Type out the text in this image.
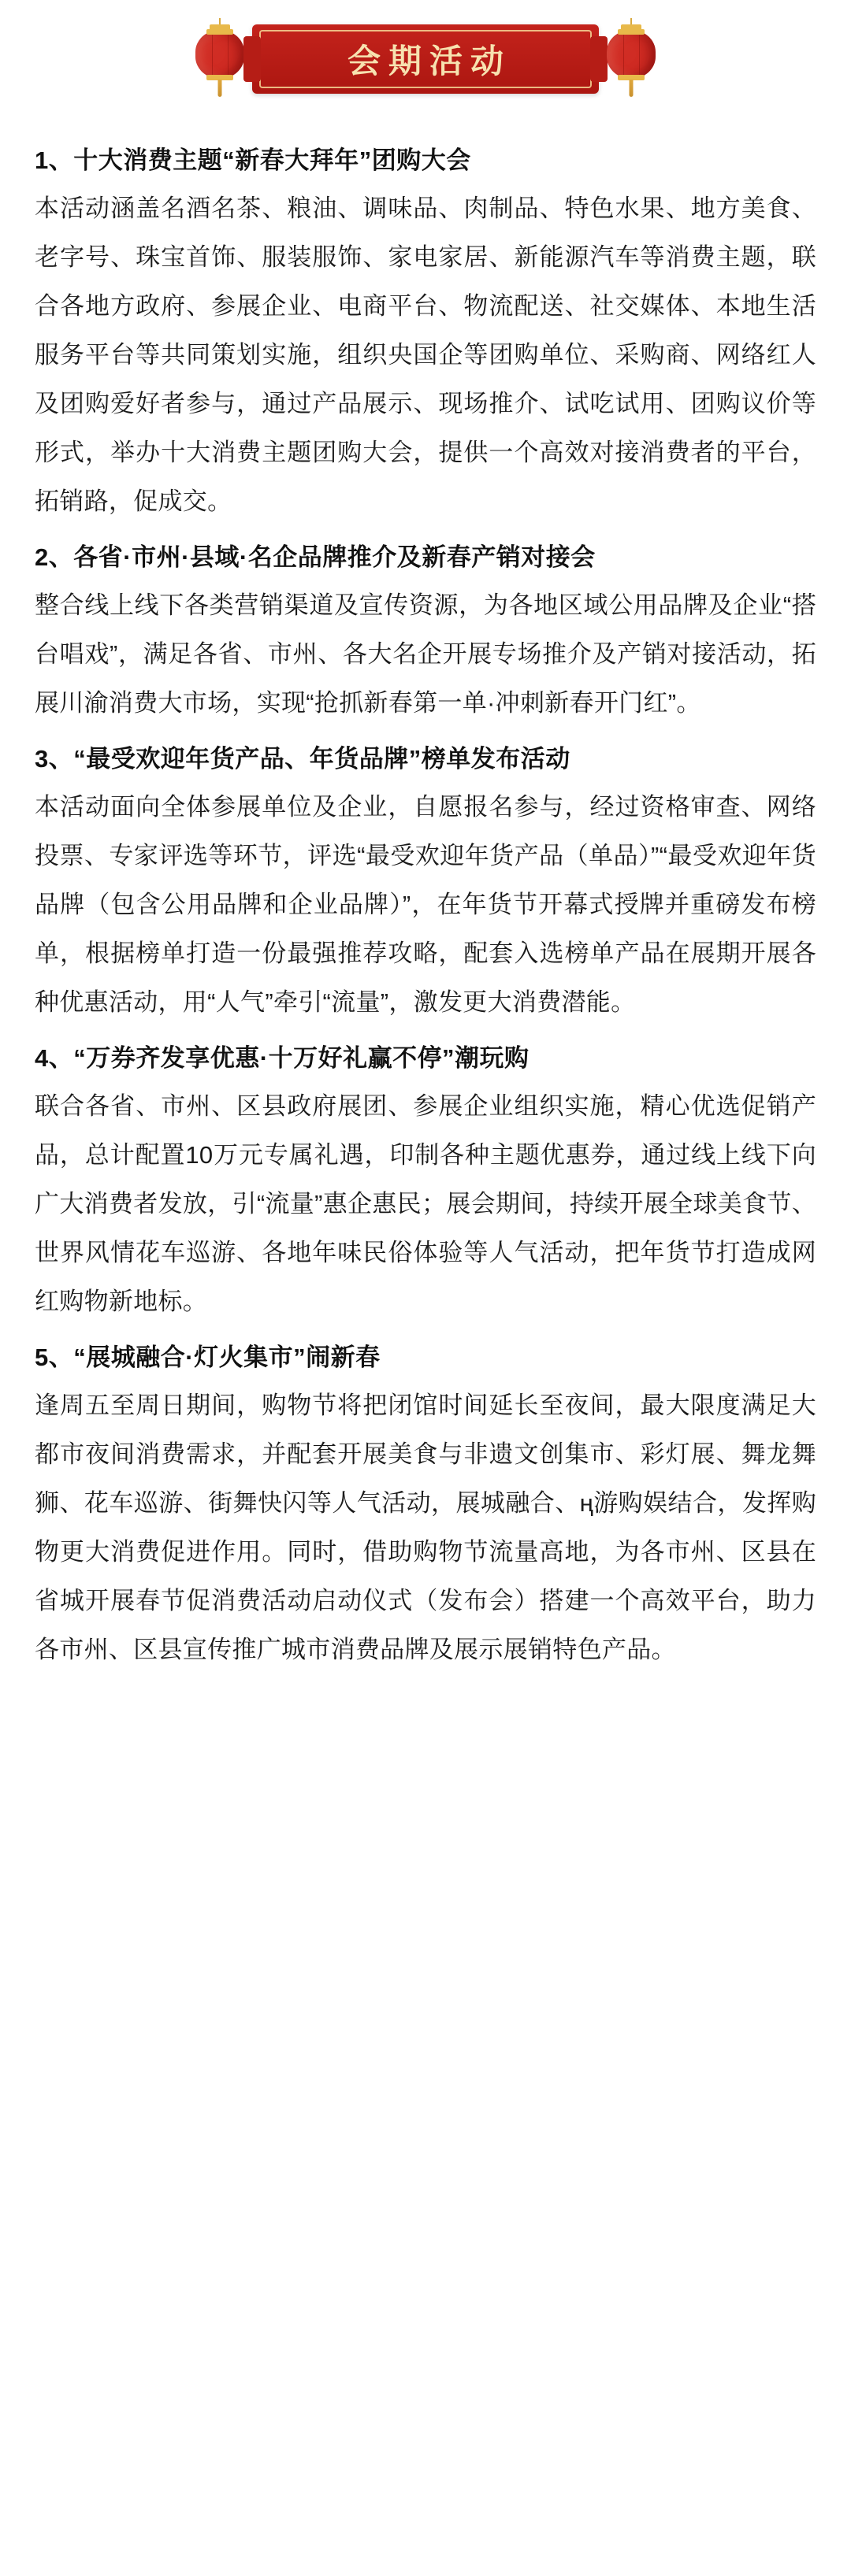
会期活动
1、十大消费主题“新春大拜年”团购大会
本活动涵盖名酒名茶、粮油、调味品、肉制品、特色水果、地方美食、老字号、珠宝首饰、服装服饰、家电家居、新能源汽车等消费主题，联合各地方政府、参展企业、电商平台、物流配送、社交媒体、本地生活服务平台等共同策划实施，组织央国企等团购单位、采购商、网络红人及团购爱好者参与，通过产品展示、现场推介、试吃试用、团购议价等形式，举办十大消费主题团购大会，提供一个高效对接消费者的平台，拓销路，促成交。
2、各省·市州·县域·名企品牌推介及新春产销对接会
整合线上线下各类营销渠道及宣传资源，为各地区域公用品牌及企业“搭台唱戏”，满足各省、市州、各大名企开展专场推介及产销对接活动，拓展川渝消费大市场，实现“抢抓新春第一单·冲刺新春开门红”。
3、“最受欢迎年货产品、年货品牌”榜单发布活动
本活动面向全体参展单位及企业，自愿报名参与，经过资格审查、网络投票、专家评选等环节，评选“最受欢迎年货产品（单品）”“最受欢迎年货品牌（包含公用品牌和企业品牌）”，在年货节开幕式授牌并重磅发布榜单，根据榜单打造一份最强推荐攻略，配套入选榜单产品在展期开展各种优惠活动，用“人气”牵引“流量”，激发更大消费潜能。
4、“万券齐发享优惠·十万好礼赢不停”潮玩购
联合各省、市州、区县政府展团、参展企业组织实施，精心优选促销产品，总计配置10万元专属礼遇，印制各种主题优惠券，通过线上线下向广大消费者发放，引“流量”惠企惠民；展会期间，持续开展全球美食节、世界风情花车巡游、各地年味民俗体验等人气活动，把年货节打造成网红购物新地标。
5、“展城融合·灯火集市”闹新春
逢周五至周日期间，购物节将把闭馆时间延长至夜间，最大限度满足大都市夜间消费需求，并配套开展美食与非遗文创集市、彩灯展、舞龙舞狮、花车巡游、街舞快闪等人气活动，展城融合、ң游购娱结合，发挥购物更大消费促进作用。同时，借助购物节流量高地，为各市州、区县在省城开展春节促消费活动启动仪式（发布会）搭建一个高效平台，助力各市州、区县宣传推广城市消费品牌及展示展销特色产品。
